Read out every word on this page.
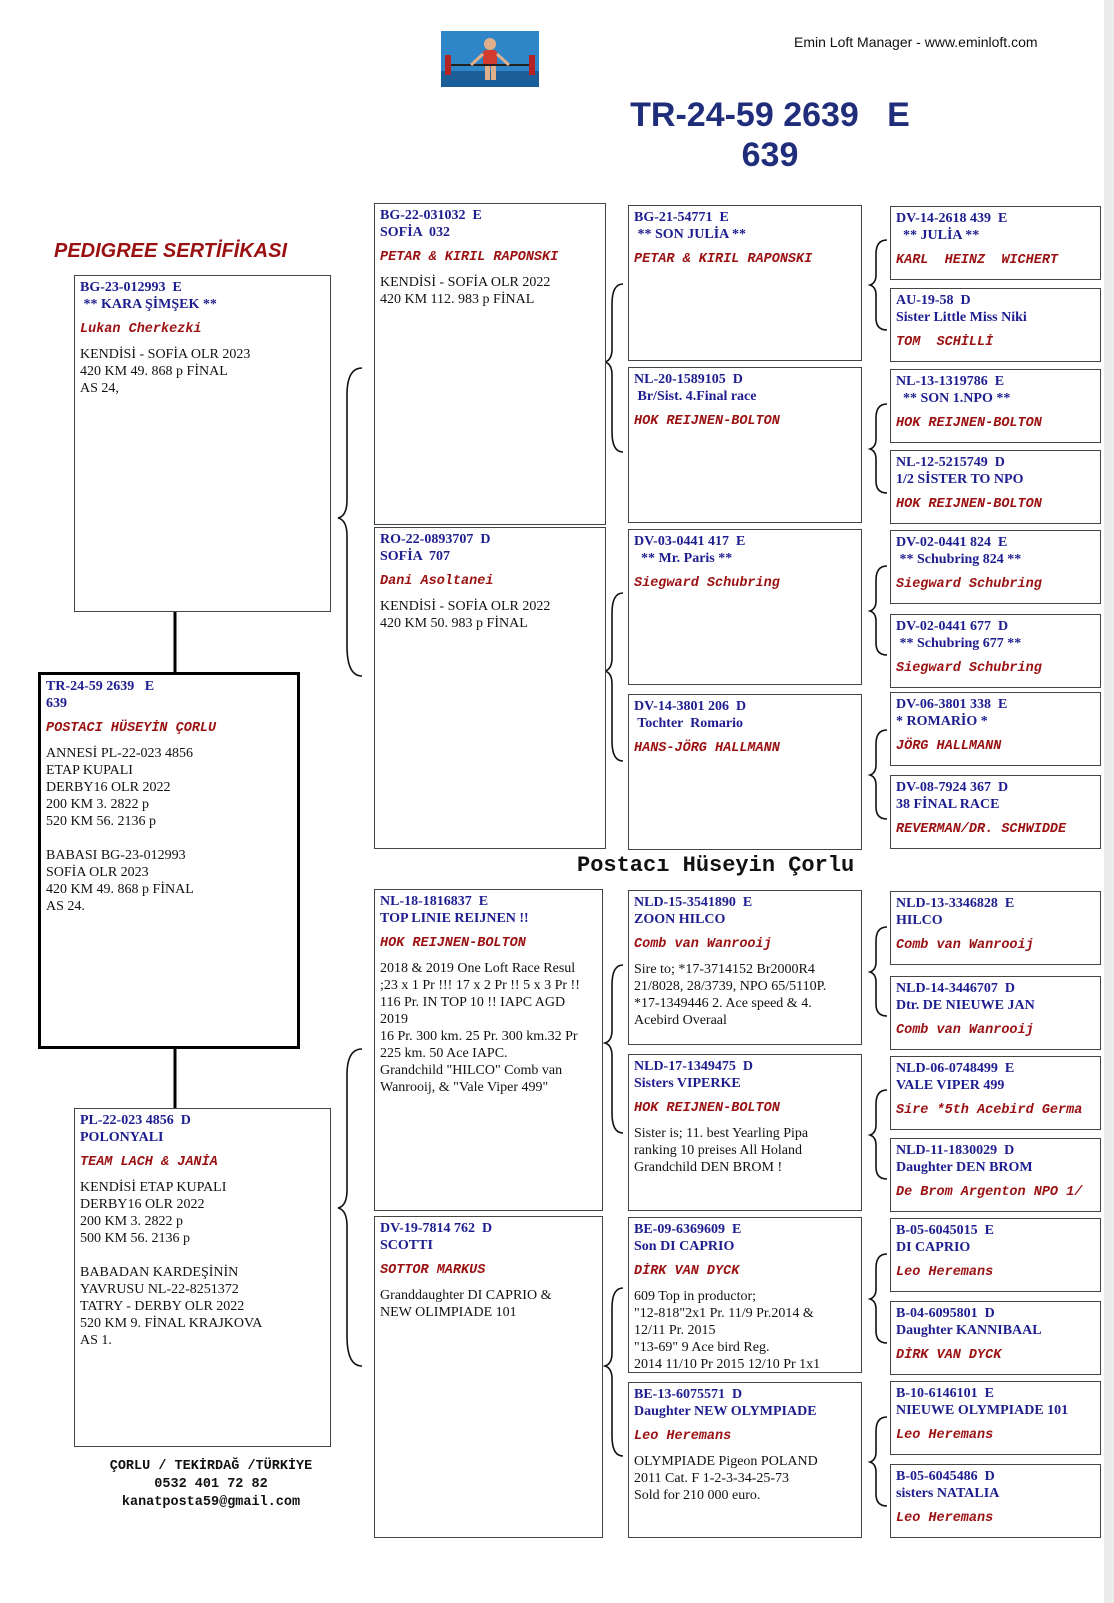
Emin Loft Manager - www.eminloft.com
TR-24-59 2639   E
639
PEDIGREE SERTİFİKASI
TR-24-59 2639   E
639
POSTACI HÜSEYİN ÇORLU
ANNESİ PL-22-023 4856
ETAP KUPALI
DERBY16 OLR 2022
200 KM 3. 2822 p
520 KM 56. 2136 p

BABASI BG-23-012993
SOFİA OLR 2023
420 KM 49. 868 p FİNAL
AS 24.
BG-23-012993  E
** KARA ŞİMŞEK **
Lukan Cherkezki
KENDİSİ - SOFİA OLR 2023
420 KM 49. 868 p FİNAL
AS 24,
PL-22-023 4856  D
POLONYALI
TEAM LACH & JANİA
KENDİSİ ETAP KUPALI
DERBY16 OLR 2022
200 KM 3. 2822 p
500 KM 56. 2136 p

BABADAN KARDEŞİNİN
YAVRUSU NL-22-8251372
TATRY - DERBY OLR 2022
520 KM 9. FİNAL KRAJKOVA
AS 1.
BG-22-031032  E
SOFİA  032
PETAR & KIRIL RAPONSKI
KENDİSİ - SOFİA OLR 2022
420 KM 112. 983 p FİNAL
RO-22-0893707  D
SOFİA  707
Dani Asoltanei
KENDİSİ - SOFİA OLR 2022
420 KM 50. 983 p FİNAL
NL-18-1816837  E
TOP LINIE REIJNEN !!
HOK REIJNEN-BOLTON
2018 & 2019 One Loft Race Resul
;23 x 1 Pr !!! 17 x 2 Pr !! 5 x 3 Pr !!
116 Pr. IN TOP 10 !! IAPC AGD
2019
16 Pr. 300 km. 25 Pr. 300 km.32 Pr
225 km. 50 Ace IAPC.
Grandchild "HILCO" Comb van
Wanrooij, & "Vale Viper 499"
DV-19-7814 762  D
SCOTTI
SOTTOR MARKUS
Granddaughter DI CAPRIO &
NEW OLIMPIADE 101
BG-21-54771  E
** SON JULİA **
PETAR & KIRIL RAPONSKI
NL-20-1589105  D
Br/Sist. 4.Final race
HOK REIJNEN-BOLTON
DV-03-0441 417  E
** Mr. Paris **
Siegward Schubring
DV-14-3801 206  D
Tochter  Romario
HANS-JÖRG HALLMANN
NLD-15-3541890  E
ZOON HILCO
Comb van Wanrooij
Sire to; *17-3714152 Br2000R4
21/8028, 28/3739, NPO 65/5110P.
*17-1349446 2. Ace speed & 4.
Acebird Overaal
NLD-17-1349475  D
Sisters VIPERKE
HOK REIJNEN-BOLTON
Sister is; 11. best Yearling Pipa
ranking 10 preises All Holand
Grandchild DEN BROM !
BE-09-6369609  E
Son DI CAPRIO
DİRK VAN DYCK
609 Top in productor;
"12-818"2x1 Pr. 11/9 Pr.2014 &
12/11 Pr. 2015
"13-69" 9 Ace bird Reg.
2014 11/10 Pr 2015 12/10 Pr 1x1
BE-13-6075571  D
Daughter NEW OLYMPIADE
Leo Heremans
OLYMPIADE Pigeon POLAND
2011 Cat. F 1-2-3-34-25-73
Sold for 210 000 euro.
DV-14-2618 439  E
** JULİA **
KARL  HEINZ  WICHERT
AU-19-58  D
Sister Little Miss Niki
TOM  SCHİLLİ
NL-13-1319786  E
** SON 1.NPO **
HOK REIJNEN-BOLTON
NL-12-5215749  D
1/2 SİSTER TO NPO
HOK REIJNEN-BOLTON
DV-02-0441 824  E
** Schubring 824 **
Siegward Schubring
DV-02-0441 677  D
** Schubring 677 **
Siegward Schubring
DV-06-3801 338  E
* ROMARİO *
JÖRG HALLMANN
DV-08-7924 367  D
38 FİNAL RACE
REVERMAN/DR. SCHWIDDE
NLD-13-3346828  E
HILCO
Comb van Wanrooij
NLD-14-3446707  D
Dtr. DE NIEUWE JAN
Comb van Wanrooij
NLD-06-0748499  E
VALE VIPER 499
Sire *5th Acebird Germa
NLD-11-1830029  D
Daughter DEN BROM
De Brom Argenton NPO 1/
B-05-6045015  E
DI CAPRIO
Leo Heremans
B-04-6095801  D
Daughter KANNIBAAL
DİRK VAN DYCK
B-10-6146101  E
NIEUWE OLYMPIADE 101
Leo Heremans
B-05-6045486  D
sisters NATALIA
Leo Heremans
Postacı Hüseyin Çorlu
ÇORLU / TEKİRDAĞ /TÜRKİYE
0532 401 72 82
kanatposta59@gmail.com
